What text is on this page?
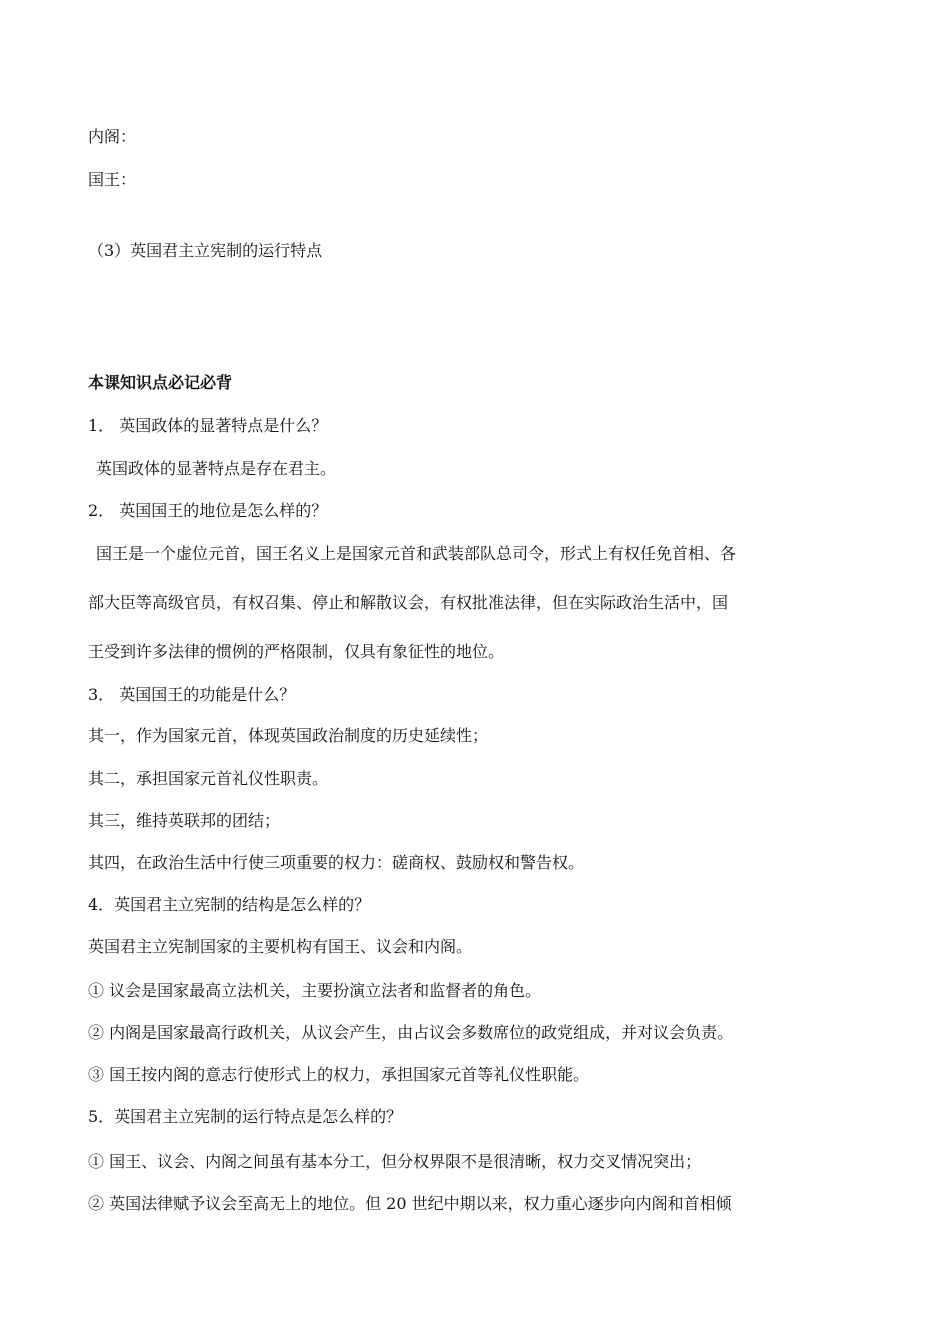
内阁：
国王：
（3）英国君主立宪制的运行特点
本课知识点必记必背
1． 英国政体的显著特点是什么？
英国政体的显著特点是存在君主。
2． 英国国王的地位是怎么样的？
国王是一个虚位元首，国王名义上是国家元首和武装部队总司令，形式上有权任免首相、各
部大臣等高级官员，有权召集、停止和解散议会，有权批准法律，但在实际政治生活中，国
王受到许多法律的惯例的严格限制，仅具有象征性的地位。
3． 英国国王的功能是什么？
其一，作为国家元首，体现英国政治制度的历史延续性；
其二，承担国家元首礼仪性职责。
其三，维持英联邦的团结；
其四，在政治生活中行使三项重要的权力：磋商权、鼓励权和警告权。
4．英国君主立宪制的结构是怎么样的？
英国君主立宪制国家的主要机构有国王、议会和内阁。
① 议会是国家最高立法机关，主要扮演立法者和监督者的角色。
② 内阁是国家最高行政机关，从议会产生，由占议会多数席位的政党组成，并对议会负责。
③ 国王按内阁的意志行使形式上的权力，承担国家元首等礼仪性职能。
5．英国君主立宪制的运行特点是怎么样的？
① 国王、议会、内阁之间虽有基本分工，但分权界限不是很清晰，权力交叉情况突出；
② 英国法律赋予议会至高无上的地位。但 20 世纪中期以来，权力重心逐步向内阁和首相倾
